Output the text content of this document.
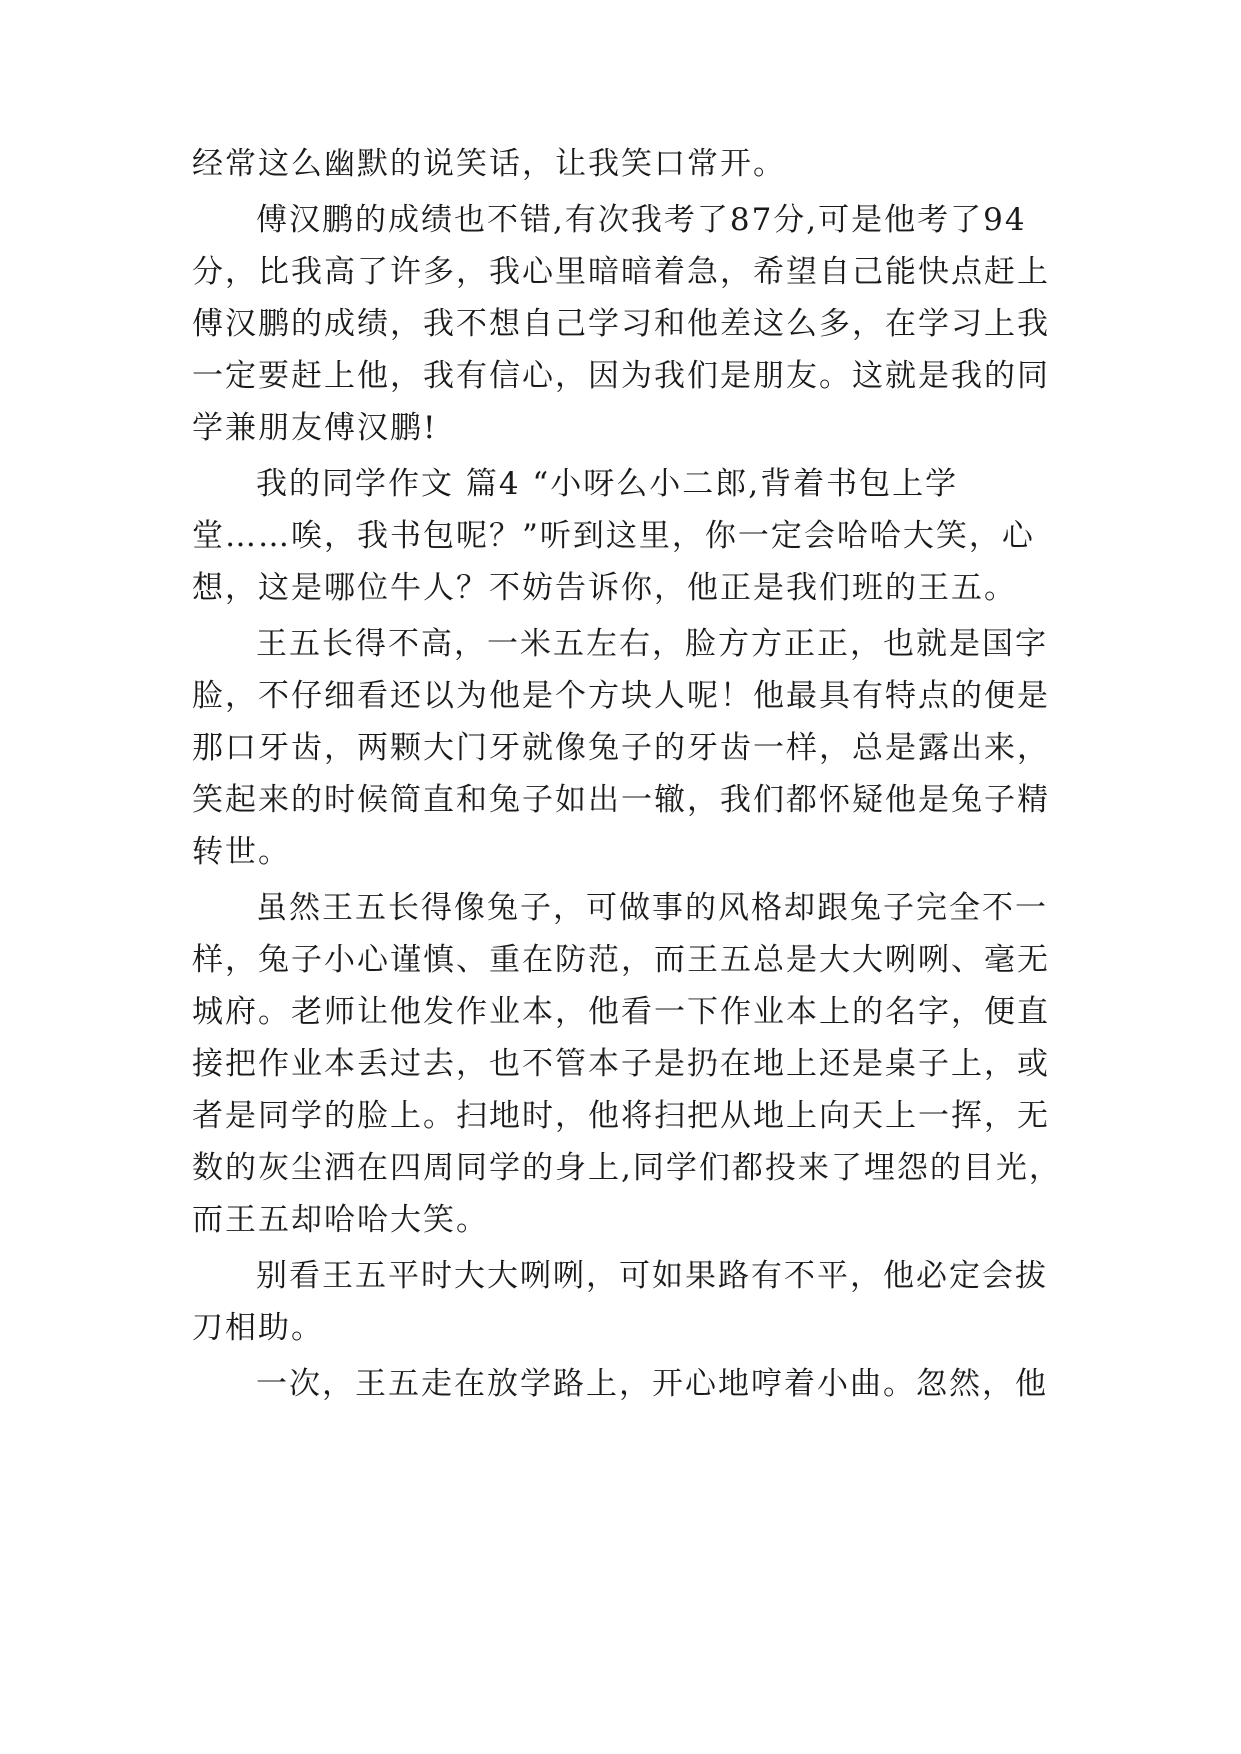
经常这么幽默的说笑话，让我笑口常开。
傅汉鹏的成绩也不错,有次我考了87分,可是他考了94
分，比我高了许多，我心里暗暗着急，希望自己能快点赶上
傅汉鹏的成绩，我不想自己学习和他差这么多，在学习上我
一定要赶上他，我有信心，因为我们是朋友。这就是我的同
学兼朋友傅汉鹏!
我的同学作文 篇4 “小呀么小二郎,背着书包上学
堂……唉，我书包呢？”听到这里，你一定会哈哈大笑，心
想，这是哪位牛人？不妨告诉你，他正是我们班的王五。
王五长得不高，一米五左右，脸方方正正，也就是国字
脸，不仔细看还以为他是个方块人呢！他最具有特点的便是
那口牙齿，两颗大门牙就像兔子的牙齿一样，总是露出来，
笑起来的时候简直和兔子如出一辙，我们都怀疑他是兔子精
转世。
虽然王五长得像兔子，可做事的风格却跟兔子完全不一
样，兔子小心谨慎、重在防范，而王五总是大大咧咧、毫无
城府。老师让他发作业本，他看一下作业本上的名字，便直
接把作业本丢过去，也不管本子是扔在地上还是桌子上，或
者是同学的脸上。扫地时，他将扫把从地上向天上一挥，无
数的灰尘洒在四周同学的身上,同学们都投来了埋怨的目光，
而王五却哈哈大笑。
别看王五平时大大咧咧，可如果路有不平，他必定会拔
刀相助。
一次，王五走在放学路上，开心地哼着小曲。忽然，他
